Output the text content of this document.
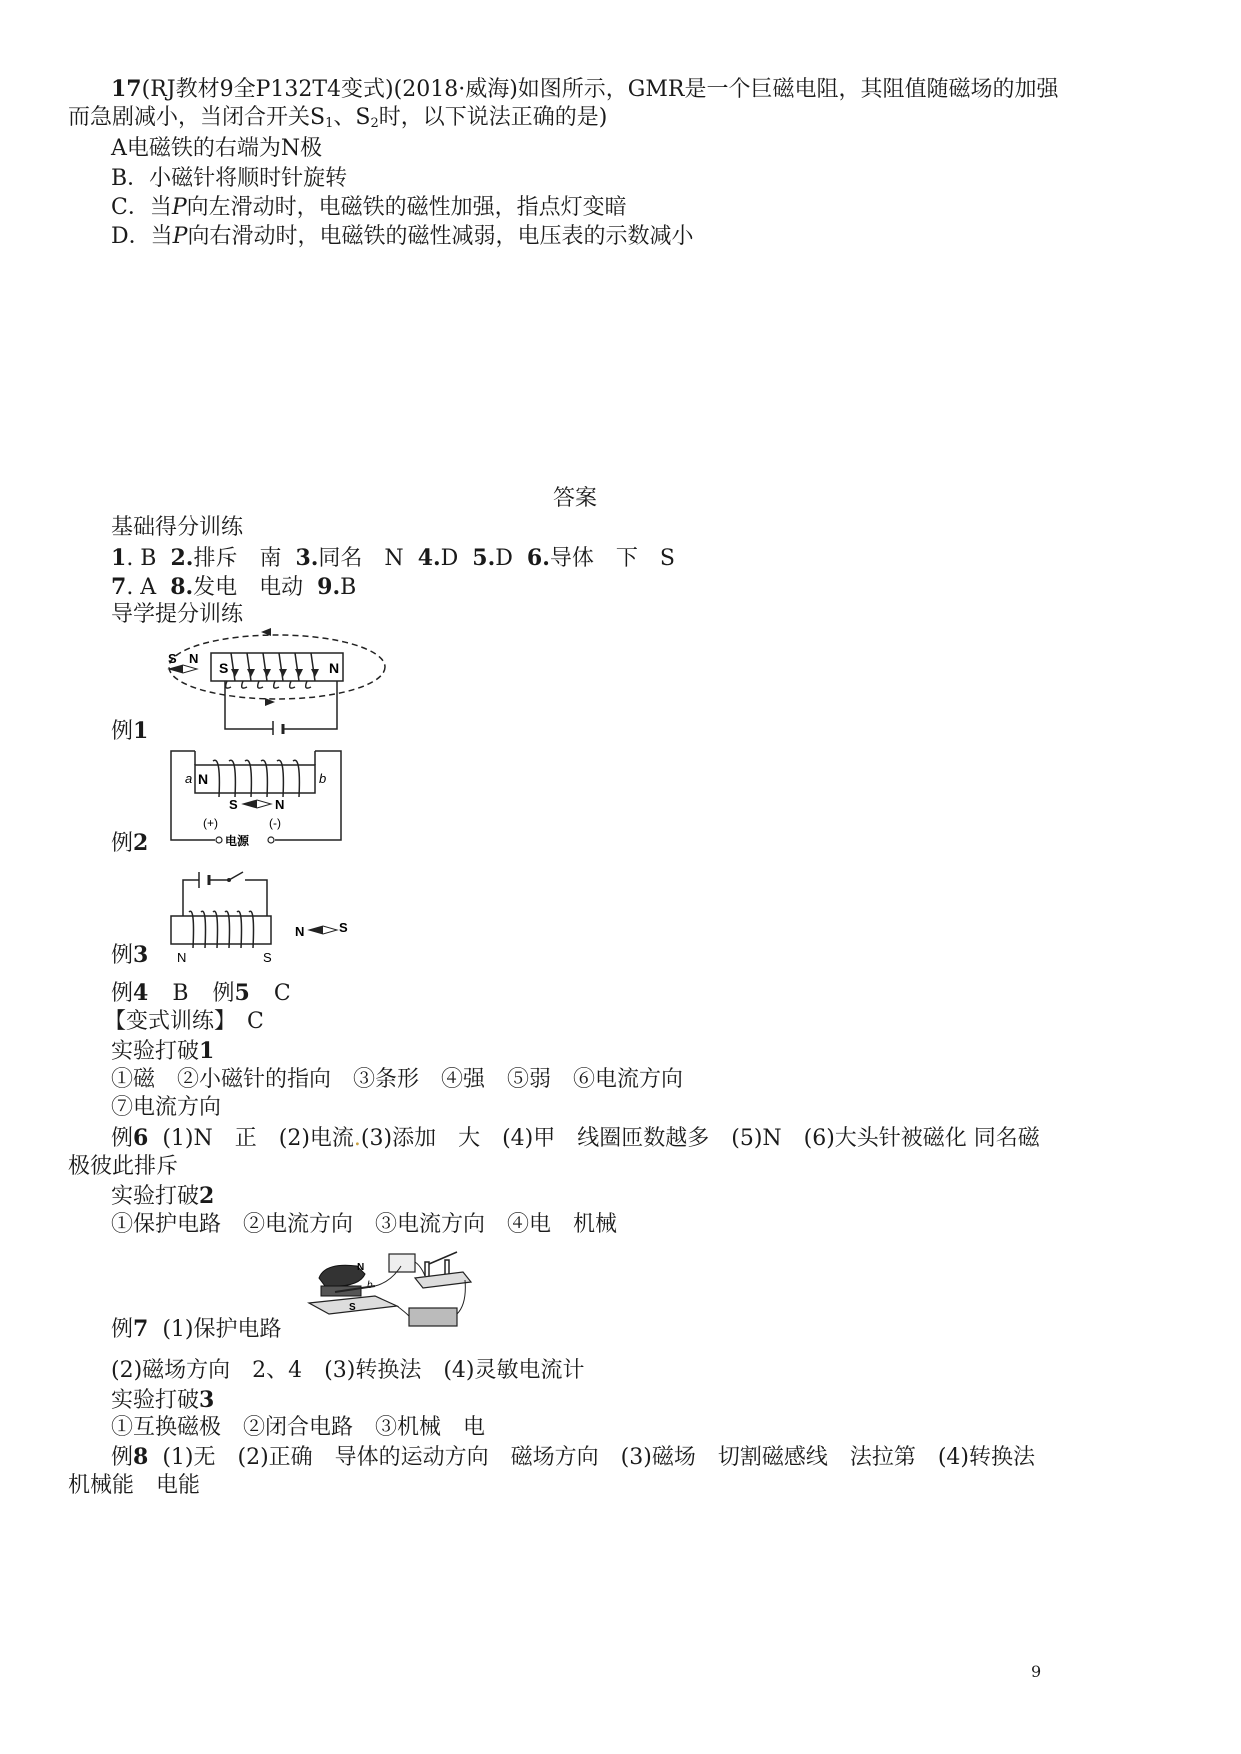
17(RJ教材9全P132T4变式)(2018·威海)如图所示，GMR是一个巨磁电阻，其阻值随磁场的加强
而急剧减小，当闭合开关$S_1$、$S_2$时，以下说法正确的是)
A电磁铁的右端为N极
B．小磁针将顺时针旋转
C．当P向左滑动时，电磁铁的磁性加强，指点灯变暗
D．当P向右滑动时，电磁铁的磁性减弱，电压表的示数减小
答案
基础得分训练
1. B 2.排斥　南 3.同名　N 4.D 5.D 6.导体　下　S
7. A 8.发电　电动 9.B
导学提分训练
S	N
S N
例1
N
a	b
S	N
(+)	(-)
电源
例2
N	S
N	S
例3
例4 B 例5 C
【变式训练】　C
实验打破1
①磁　②小磁针的指向　③条形　④强　⑤弱　⑥电流方向
⑦电流方向
例6 (1)N　正　(2)电流.(3)添加　大　(4)甲　线圈匝数越多　(5)N　(6)大头针被磁化 同名磁
极彼此排斥
实验打破2
①保护电路　②电流方向　③电流方向　④电　机械
N
b
S
例7 (1)保护电路
(2)磁场方向　2、4　(3)转换法　(4)灵敏电流计
实验打破3
①互换磁极　②闭合电路　③机械　电
例8 (1)无　(2)正确　导体的运动方向　磁场方向　(3)磁场　切割磁感线　法拉第　(4)转换法
机械能　电能
9
